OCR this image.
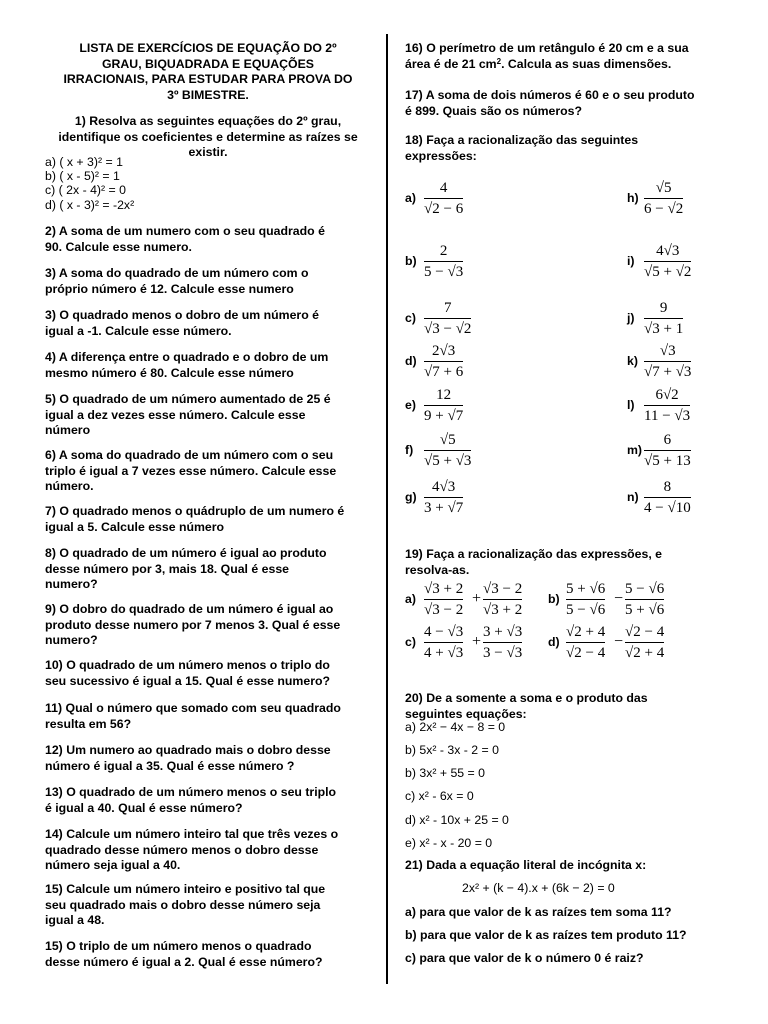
LISTA DE EXERCÍCIOS DE EQUAÇÃO DO 2º
GRAU, BIQUADRADA E EQUAÇÕES
IRRACIONAIS, PARA ESTUDAR PARA PROVA DO
3º BIMESTRE.
1) Resolva as seguintes equações do 2º grau,
identifique os coeficientes e determine as raízes se
existir.
a) ( x + 3)² = 1
b) ( x - 5)² = 1
c) ( 2x - 4)² = 0
d) ( x - 3)² = -2x²
2) A soma de um numero com o seu quadrado é
90. Calcule esse numero.
3) A soma do quadrado de um número com o
próprio número é 12. Calcule esse numero
3) O quadrado menos o dobro de um número é
igual a -1. Calcule esse número.
4) A diferença entre o quadrado e o dobro de um
mesmo número é 80. Calcule esse número
5) O quadrado de um número aumentado de 25 é
igual a dez vezes esse número. Calcule esse
número
6) A soma do quadrado de um número com o seu
triplo é igual a 7 vezes esse número. Calcule esse
número.
7) O quadrado menos o quádruplo de um numero é
igual a 5. Calcule esse número
8) O quadrado de um número é igual ao produto
desse número por 3, mais 18. Qual é esse
numero?
9) O dobro do quadrado de um número é igual ao
produto desse numero por 7 menos 3. Qual é esse
numero?
10) O quadrado de um número menos o triplo do
seu sucessivo é igual a 15. Qual é esse numero?
11) Qual o número que somado com seu quadrado
resulta em 56?
12) Um numero ao quadrado mais o dobro desse
número é igual a 35. Qual é esse número ?
13) O quadrado de um número menos o seu triplo
é igual a 40. Qual é esse número?
14) Calcule um número inteiro tal que três vezes o
quadrado desse número menos o dobro desse
número seja igual a 40.
15) Calcule um número inteiro e positivo tal que
seu quadrado mais o dobro desse número seja
igual a 48.
15) O triplo de um número menos o quadrado
desse número é igual a 2. Qual é esse número?
16) O perímetro de um retângulo é 20 cm e a sua
área é de 21 $cm^2$. Calcula as suas dimensões.
17) A soma de dois números é 60 e o seu produto
é 899. Quais são os números?
18) Faça a racionalização das seguintes
expressões:
a)
4
√2 − 6
b)
2
5 − √3
c)
7
√3 − √2
d)
2√3
√7 + 6
e)
12
9 + √7
f)
√5
√5 + √3
g)
4√3
3 + √7
h)
√5
6 − √2
i)
4√3
√5 + √2
j)
9
√3 + 1
k)
√3
√7 + √3
l)
6√2
11 − √3
m)
6
√5 + 13
n)
8
4 − √10
19) Faça a racionalização das expressões, e
resolva-as.
a)
√3 + 2
√3 − 2
√3 − 2
√3 + 2
+	b)
5 + √6
5 − √6
5 − √6
5 + √6
−
c)
4 − √3
4 + √3
3 + √3
3 − √3
+	d)
√2 + 4
√2 − 4
√2 − 4
√2 + 4
−
20) De a somente a soma e o produto das
seguintes equações:
a) 2x² − 4x − 8 = 0
b) 5x² - 3x - 2 = 0
b) 3x² + 55 = 0
c) x² - 6x = 0
d) x² - 10x + 25 = 0
e) x² - x - 20 = 0
21) Dada a equação literal de incógnita x:
2x² + (k − 4).x + (6k − 2) = 0
a) para que valor de k as raízes tem soma 11?
b) para que valor de k as raízes tem produto 11?
c) para que valor de k o número 0 é raiz?
